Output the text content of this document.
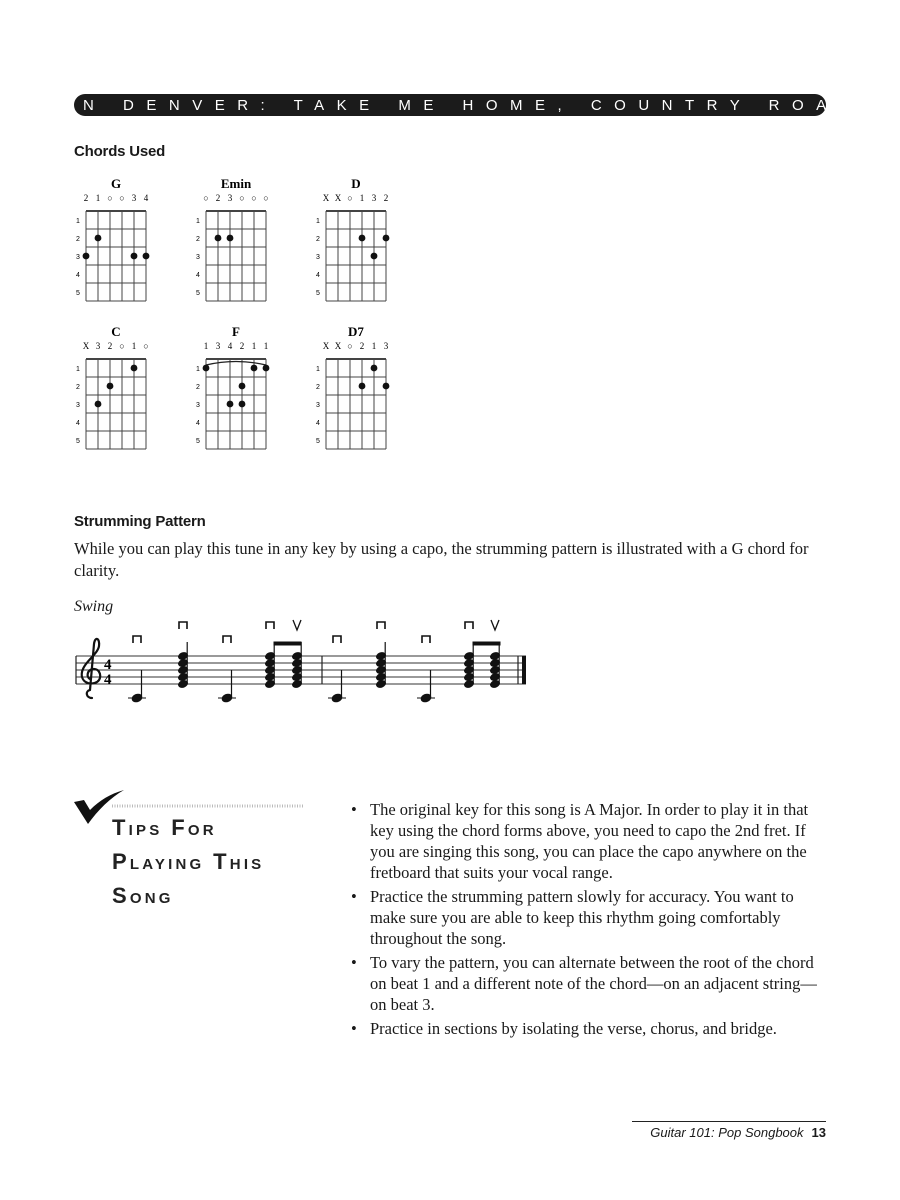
JOHN DENVER: TAKE ME HOME, COUNTRY ROADS
Chords Used
G
2 1 ○ ○ 3 4
1
2
3
4
5
Emin
○ 2 3 ○ ○ ○
1
2
3
4
5
D
X X ○ 1 3 2
1
2
3
4
5
C
X 3 2 ○ 1 ○
1
2
3
4
5
F
1 3 4 2 1 1
1
2
3
4
5
D7
X X ○ 2 1 3
1
2
3
4
5
Strumming Pattern
While you can play this tune in any key by using a capo, the strumming pattern is illustrated with a G chord for clarity.
Swing
4
4
TIPS FOR
PLAYING THIS
SONG
• The original key for this song is A Major. In order to play it in that key using the chord forms above, you need to capo the 2nd fret. If you are singing this song, you can place the capo anywhere on the fretboard that suits your vocal range.
• Practice the strumming pattern slowly for accuracy. You want to make sure you are able to keep this rhythm going comfortably throughout the song.
• To vary the pattern, you can alternate between the root of the chord on beat 1 and a different note of the chord—on an adjacent string—on beat 3.
• Practice in sections by isolating the verse, chorus, and bridge.
Guitar 101: Pop Songbook 13
